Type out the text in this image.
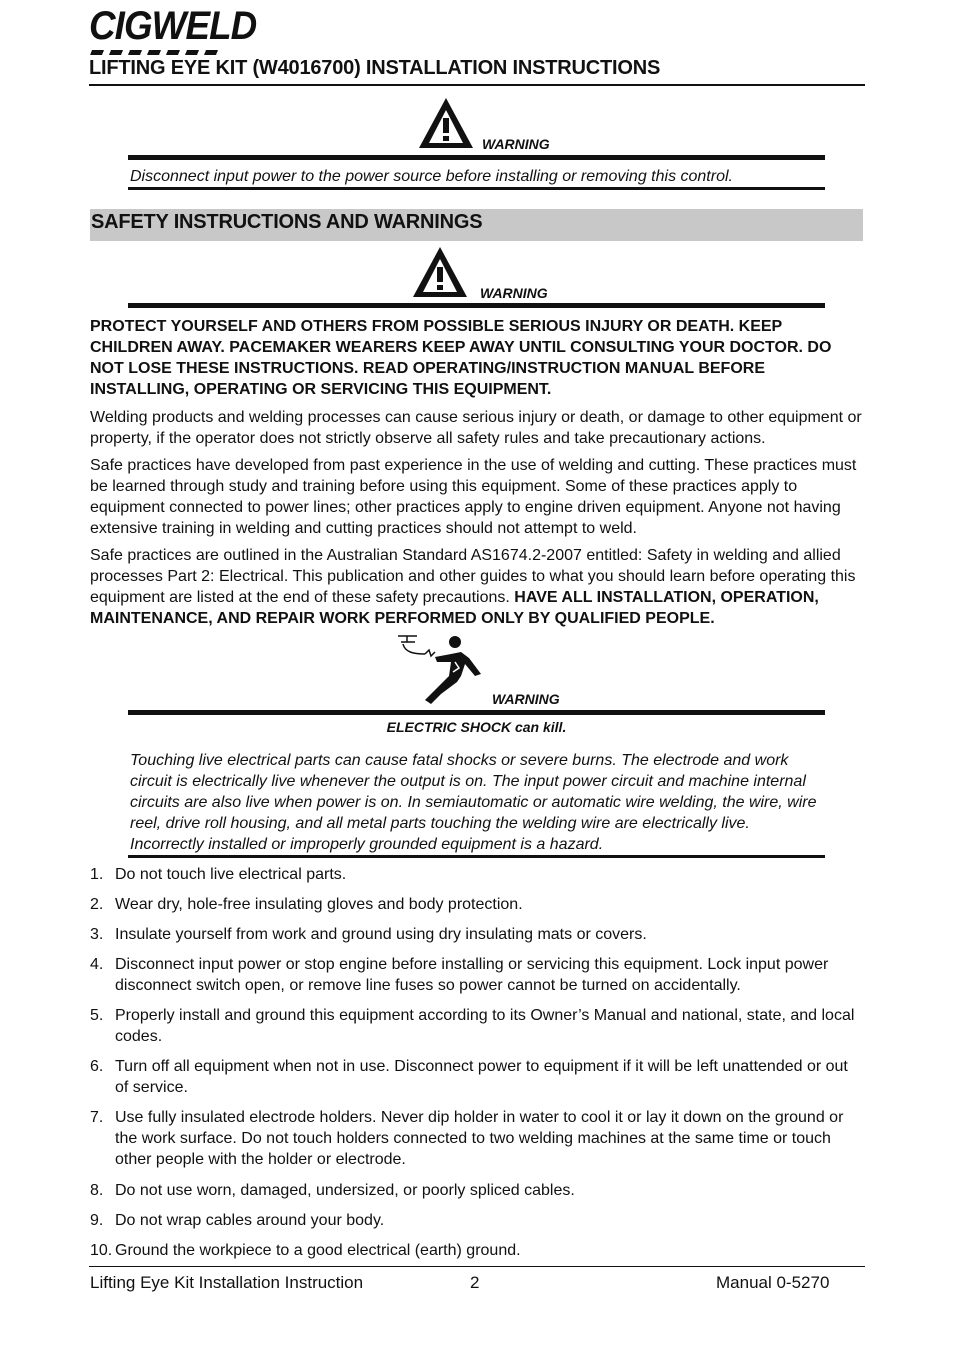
CIGWELD
LIFTING EYE KIT (W4016700) INSTALLATION INSTRUCTIONS
WARNING
Disconnect input power to the power source before installing or removing this control.
SAFETY INSTRUCTIONS AND WARNINGS
WARNING
PROTECT YOURSELF AND OTHERS FROM POSSIBLE SERIOUS INJURY OR DEATH. KEEP CHILDREN AWAY. PACEMAKER WEARERS KEEP AWAY UNTIL CONSULTING YOUR DOCTOR. DO NOT LOSE THESE INSTRUCTIONS. READ OPERATING/INSTRUCTION MANUAL BEFORE INSTALLING, OPERATING OR SERVICING THIS EQUIPMENT.
Welding products and welding processes can cause serious injury or death, or damage to other equipment or property, if the operator does not strictly observe all safety rules and take precautionary actions.
Safe practices have developed from past experience in the use of welding and cutting. These practices must be learned through study and training before using this equipment. Some of these practices apply to equipment connected to power lines; other practices apply to engine driven equipment. Anyone not having extensive training in welding and cutting practices should not attempt to weld.
Safe practices are outlined in the Australian Standard AS1674.2-2007 entitled: Safety in welding and allied processes Part 2: Electrical. This publication and other guides to what you should learn before operating this equipment are listed at the end of these safety precautions. HAVE ALL INSTALLATION, OPERATION, MAINTENANCE, AND REPAIR WORK PERFORMED ONLY BY QUALIFIED PEOPLE.
WARNING
ELECTRIC SHOCK can kill.
Touching live electrical parts can cause fatal shocks or severe burns. The electrode and work circuit is electrically live whenever the output is on. The input power circuit and machine internal circuits are also live when power is on. In semiautomatic or automatic wire welding, the wire, wire reel, drive roll housing, and all metal parts touching the welding wire are electrically live. Incorrectly installed or improperly grounded equipment is a hazard.
1. Do not touch live electrical parts.
2. Wear dry, hole-free insulating gloves and body protection.
3. Insulate yourself from work and ground using dry insulating mats or covers.
4. Disconnect input power or stop engine before installing or servicing this equipment. Lock input power disconnect switch open, or remove line fuses so power cannot be turned on accidentally.
5. Properly install and ground this equipment according to its Owner’s Manual and national, state, and local codes.
6. Turn off all equipment when not in use. Disconnect power to equipment if it will be left unattended or out of service.
7. Use fully insulated electrode holders. Never dip holder in water to cool it or lay it down on the ground or the work surface. Do not touch holders connected to two welding machines at the same time or touch other people with the holder or electrode.
8. Do not use worn, damaged, undersized, or poorly spliced cables.
9. Do not wrap cables around your body.
10. Ground the workpiece to a good electrical (earth) ground.
Lifting Eye Kit Installation Instruction	2	Manual 0-5270
